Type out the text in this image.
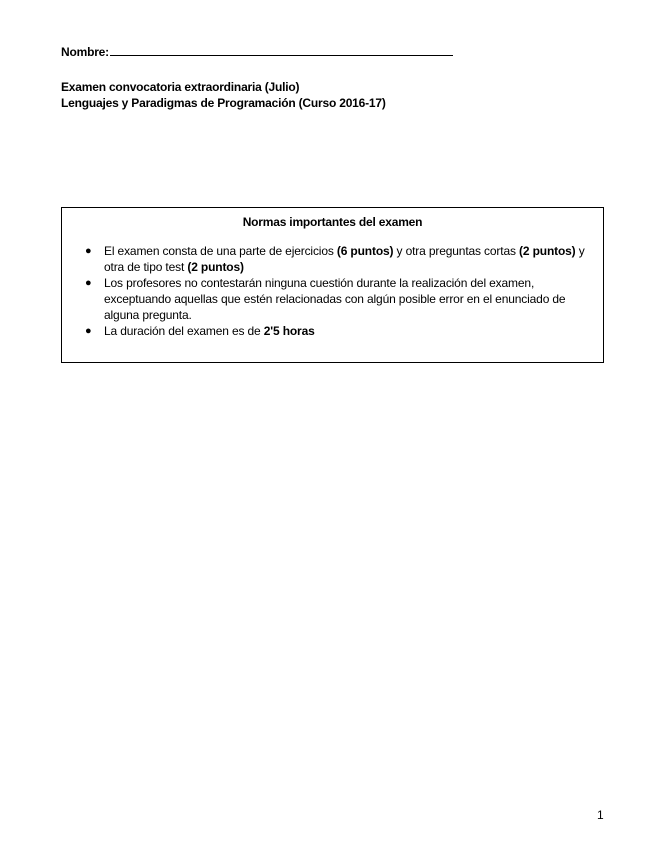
Nombre:
Examen convocatoria extraordinaria (Julio)
Lenguajes y Paradigmas de Programación (Curso 2016-17)
Normas importantes del examen
● El examen consta de una parte de ejercicios (6 puntos) y otra preguntas cortas (2 puntos) y otra de tipo test (2 puntos)
● Los profesores no contestarán ninguna cuestión durante la realización del examen, exceptuando aquellas que estén relacionadas con algún posible error en el enunciado de alguna pregunta.
● La duración del examen es de 2'5 horas
1
